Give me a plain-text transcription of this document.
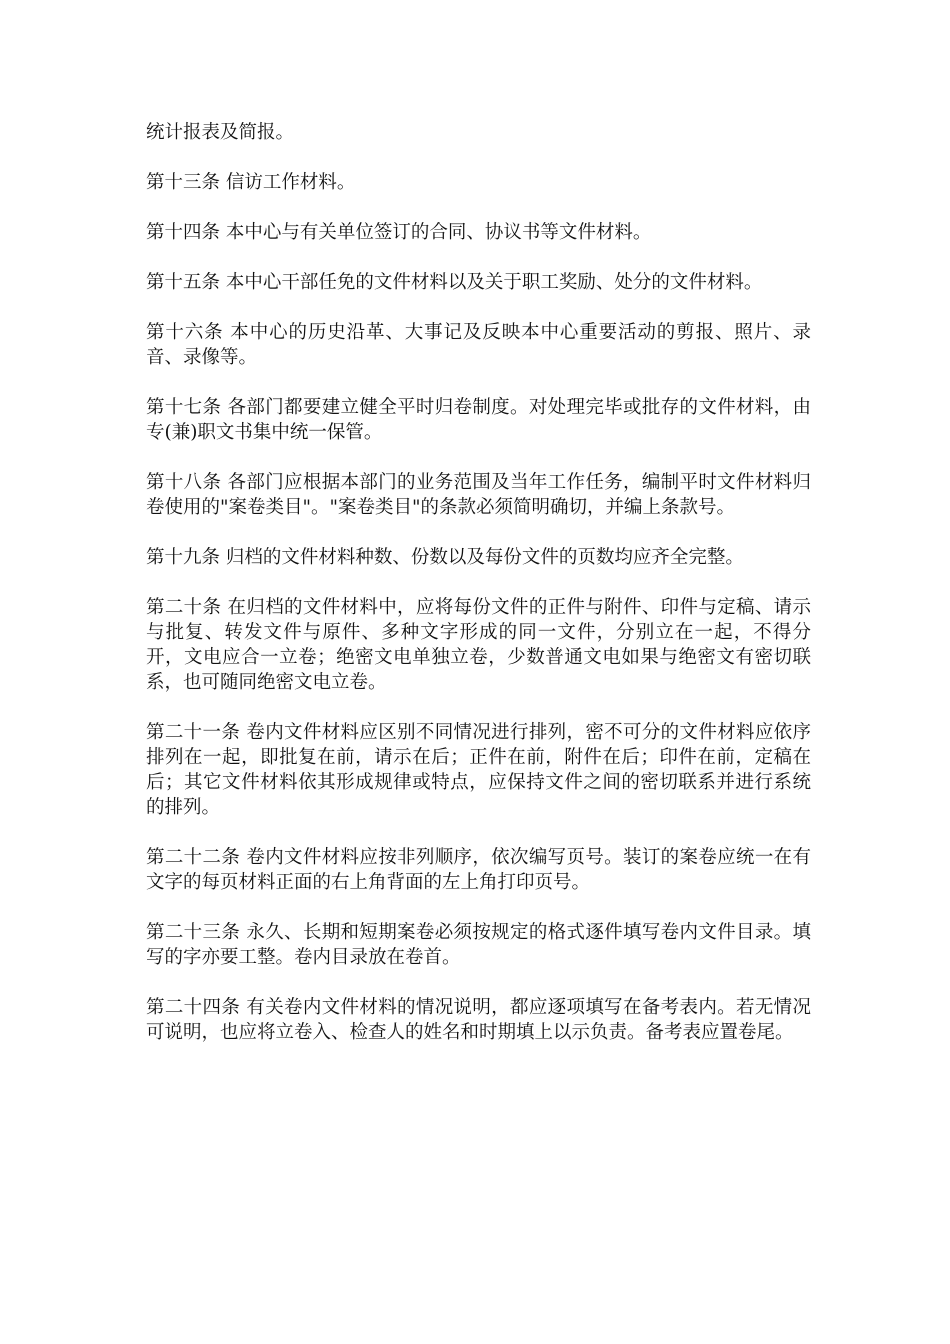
统计报表及简报。

第十三条 信访工作材料。

第十四条 本中心与有关单位签订的合同、协议书等文件材料。

第十五条 本中心干部任免的文件材料以及关于职工奖励、处分的文件材料。

第十六条 本中心的历史沿革、大事记及反映本中心重要活动的剪报、照片、录音、录像等。

第十七条 各部门都要建立健全平时归卷制度。对处理完毕或批存的文件材料，由专(兼)职文书集中统一保管。

第十八条 各部门应根据本部门的业务范围及当年工作任务，编制平时文件材料归卷使用的"案卷类目"。"案卷类目"的条款必须简明确切，并编上条款号。

第十九条 归档的文件材料种数、份数以及每份文件的页数均应齐全完整。

第二十条 在归档的文件材料中，应将每份文件的正件与附件、印件与定稿、请示与批复、转发文件与原件、多种文字形成的同一文件，分别立在一起，不得分开，文电应合一立卷；绝密文电单独立卷，少数普通文电如果与绝密文有密切联系，也可随同绝密文电立卷。

第二十一条 卷内文件材料应区别不同情况进行排列，密不可分的文件材料应依序排列在一起，即批复在前，请示在后；正件在前，附件在后；印件在前，定稿在后；其它文件材料依其形成规律或特点，应保持文件之间的密切联系并进行系统的排列。

第二十二条 卷内文件材料应按非列顺序，依次编写页号。装订的案卷应统一在有文字的每页材料正面的右上角背面的左上角打印页号。

第二十三条 永久、长期和短期案卷必须按规定的格式逐件填写卷内文件目录。填写的字亦要工整。卷内目录放在卷首。

第二十四条 有关卷内文件材料的情况说明，都应逐项填写在备考表内。若无情况可说明，也应将立卷入、检查人的姓名和时期填上以示负责。备考表应置卷尾。
